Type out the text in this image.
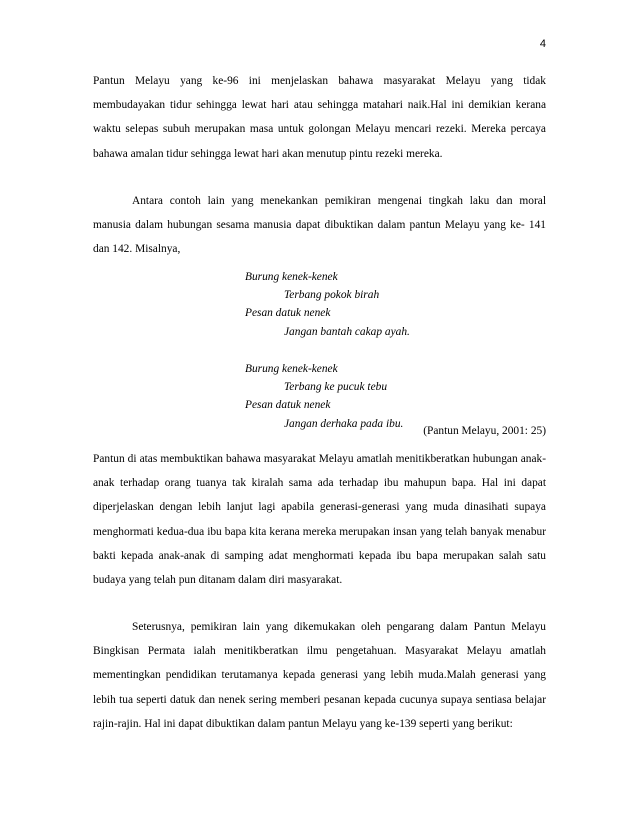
4

Pantun Melayu yang ke-96 ini menjelaskan bahawa masyarakat Melayu yang tidak membudayakan tidur sehingga lewat hari atau sehingga matahari naik.Hal ini demikian kerana waktu selepas subuh merupakan masa untuk golongan Melayu mencari rezeki. Mereka percaya bahawa amalan tidur sehingga lewat hari akan menutup pintu rezeki mereka.

Antara contoh lain yang menekankan pemikiran mengenai tingkah laku dan moral manusia dalam hubungan sesama manusia dapat dibuktikan dalam pantun Melayu yang ke- 141 dan 142. Misalnya,

Burung kenek-kenek
Terbang pokok birah
Pesan datuk nenek
Jangan bantah cakap ayah.
Burung kenek-kenek
Terbang ke pucuk tebu
Pesan datuk nenek
Jangan derhaka pada ibu.
(Pantun Melayu, 2001: 25)

Pantun di atas membuktikan bahawa masyarakat Melayu amatlah menitikberatkan hubungan anak-anak terhadap orang tuanya tak kiralah sama ada terhadap ibu mahupun bapa. Hal ini dapat diperjelaskan dengan lebih lanjut lagi apabila generasi-generasi yang muda dinasihati supaya menghormati kedua-dua ibu bapa kita kerana mereka merupakan insan yang telah banyak menabur bakti kepada anak-anak di samping adat menghormati kepada ibu bapa merupakan salah satu budaya yang telah pun ditanam dalam diri masyarakat.

Seterusnya, pemikiran lain yang dikemukakan oleh pengarang dalam Pantun Melayu Bingkisan Permata ialah menitikberatkan ilmu pengetahuan. Masyarakat Melayu amatlah mementingkan pendidikan terutamanya kepada generasi yang lebih muda.Malah generasi yang lebih tua seperti datuk dan nenek sering memberi pesanan kepada cucunya supaya sentiasa belajar rajin-rajin. Hal ini dapat dibuktikan dalam pantun Melayu yang ke-139 seperti yang berikut:
